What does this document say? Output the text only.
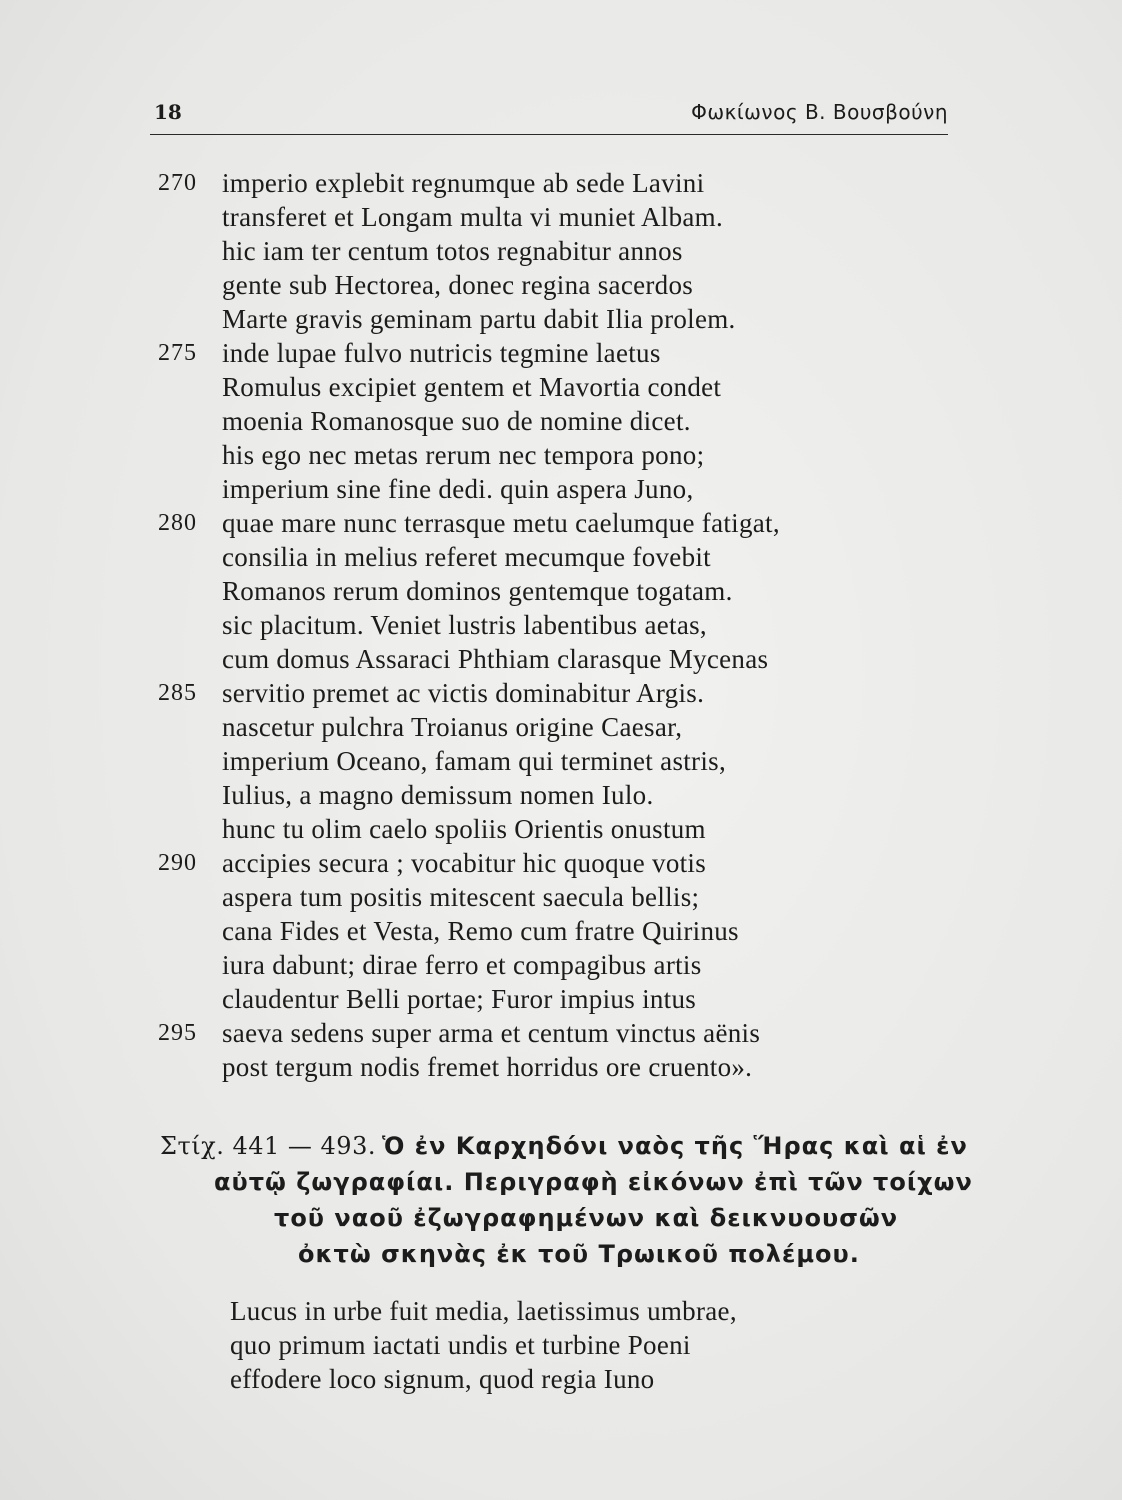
18	Φωκίωνος Β. Βουσβούνη
270
275
280
285
290
295
imperio explebit regnumque ab sede Lavini
transferet et Longam multa vi muniet Albam.
hic iam ter centum totos regnabitur annos
gente sub Hectorea, donec regina sacerdos
Marte gravis geminam partu dabit Ilia prolem.
inde lupae fulvo nutricis tegmine laetus
Romulus excipiet gentem et Mavortia condet
moenia Romanosque suo de nomine dicet.
his ego nec metas rerum nec tempora pono;
imperium sine fine dedi. quin aspera Juno,
quae mare nunc terrasque metu caelumque fatigat,
consilia in melius referet mecumque fovebit
Romanos rerum dominos gentemque togatam.
sic placitum. Veniet lustris labentibus aetas,
cum domus Assaraci Phthiam clarasque Mycenas
servitio premet ac victis dominabitur Argis.
nascetur pulchra Troianus origine Caesar,
imperium Oceano, famam qui terminet astris,
Iulius, a magno demissum nomen Iulo.
hunc tu olim caelo spoliis Orientis onustum
accipies secura ; vocabitur hic quoque votis
aspera tum positis mitescent saecula bellis;
cana Fides et Vesta, Remo cum fratre Quirinus
iura dabunt; dirae ferro et compagibus artis
claudentur Belli portae; Furor impius intus
saeva sedens super arma et centum vinctus aënis
post tergum nodis fremet horridus ore cruento».
Στίχ. 441 — 493. Ὁ ἐν Καρχηδόνι ναὸς τῆς Ἥρας καὶ αἱ ἐν
αὐτῷ ζωγραφίαι. Περιγραφὴ εἰκόνων ἐπὶ τῶν τοίχων
τοῦ ναοῦ ἐζωγραφημένων καὶ δεικνυουσῶν
ὀκτὼ σκηνὰς ἐκ τοῦ Τρωικοῦ πολέμου.
Lucus in urbe fuit media, laetissimus umbrae,
quo primum iactati undis et turbine Poeni
effodere loco signum, quod regia Iuno
